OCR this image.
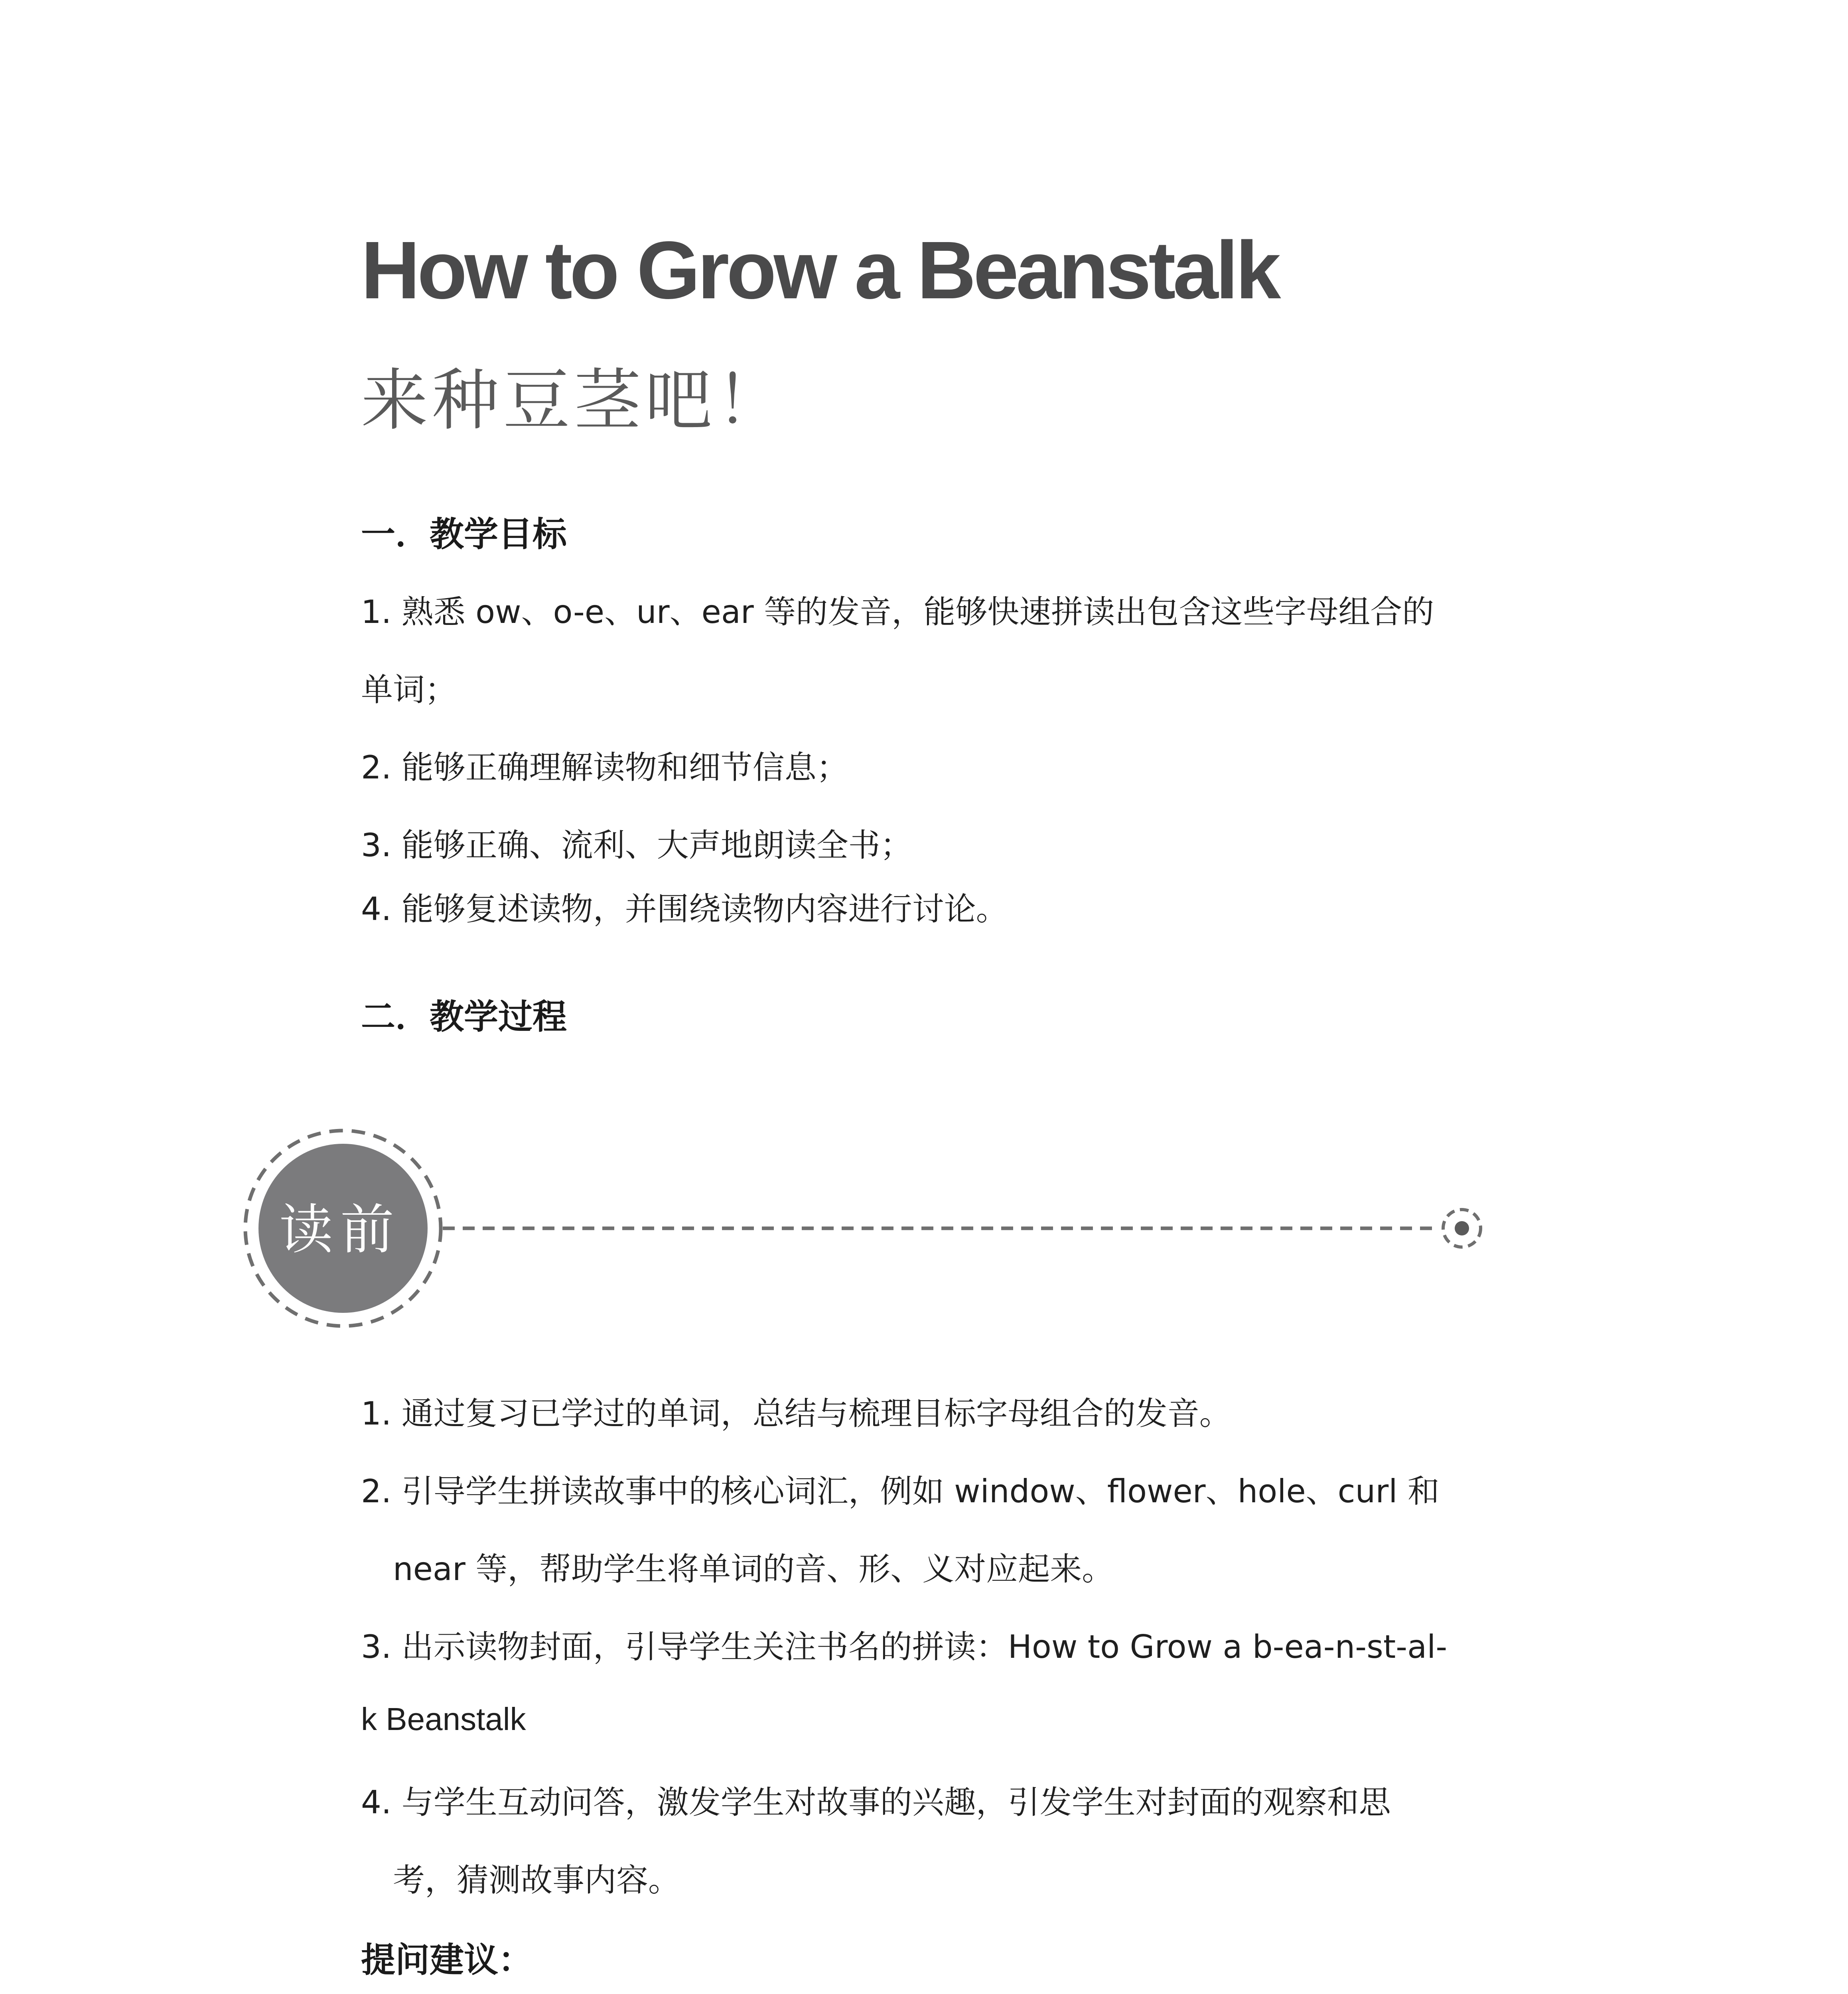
How to Grow a Beanstalk
来种豆茎吧！
一．教学目标
1. 熟悉 ow、o-e、ur、ear 等的发音，能够快速拼读出包含这些字母组合的
单词；
2. 能够正确理解读物和细节信息；
3. 能够正确、流利、大声地朗读全书；
4. 能够复述读物，并围绕读物内容进行讨论。
二．教学过程
读前
1. 通过复习已学过的单词，总结与梳理目标字母组合的发音。
2. 引导学生拼读故事中的核心词汇，例如 window、flower、hole、curl 和
near 等，帮助学生将单词的音、形、义对应起来。
3. 出示读物封面，引导学生关注书名的拼读：How to Grow a b-ea-n-st-al-
k Beanstalk
4. 与学生互动问答，激发学生对故事的兴趣，引发学生对封面的观察和思
考，猜测故事内容。
提问建议：
